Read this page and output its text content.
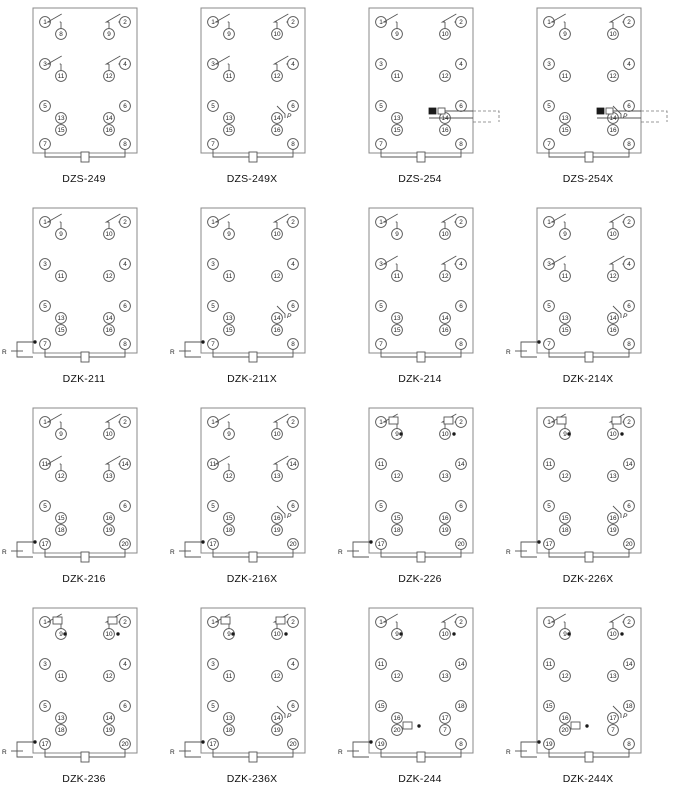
1
8	9
2
3
11	12
4
5
13	14
6
7
15	16
8
DZS-249
1
9	10
2
3
11	12
4
5
13	14
6
7
15	16
8
P
DZS-249X
1
9	10
2
3
11	12
4
5
13	14
6
7
15	16
8
DZS-254
1
9	10
2
3
11	12
4
5
13	14
6
7
15	16
8
P
DZS-254X
1
9	10
2
3
11	12
4
5
13	14
6
7
15	16
8
R
DZK-211
1
9	10
2
3
11	12
4
5
13	14
6
7
15	16
8
P
R
DZK-211X
1
9	10
2
3
11	12
4
5
13	14
6
7
15	16
8
DZK-214
1
9	10
2
3
11	12
4
5
13	14
6
7
15	16
8
P
R
DZK-214X
1
9	10
2
11
12	13
14
5
15	16
6
17
18	19
20
R
DZK-216
1
9	10
2
11
12	13
14
5
15	16
6
17
18	19
20
P
R
DZK-216X
1
9	10
2
11
12	13
14
5
15	16
6
17
18	19
20
R
DZK-226
1
9	10
2
11
12	13
14
5
15	16
6
17
18	19
20
P
R
DZK-226X
1
9	10
2
3
11	12
4
5
13	14
6
17
18	19
20
R
DZK-236
1
9	10
2
3
11	12
4
5
13	14
6
17
18	19
20
P
R
DZK-236X
1
9	10
2
11
12	13
14
15
16	17
18
19
20	7
8
R
DZK-244
1
9	10
2
11
12	13
14
15
16	17
18
19
20	7
8
P
R
DZK-244X
